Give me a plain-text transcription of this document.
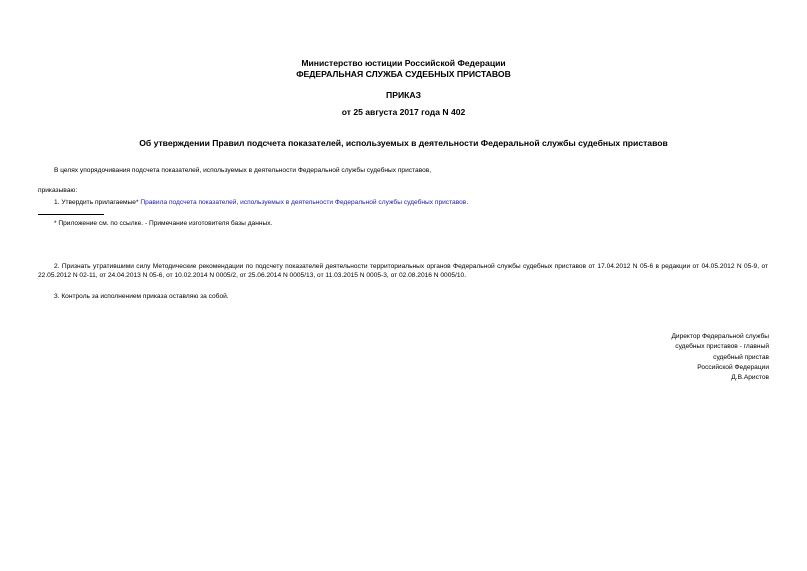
Министерство юстиции Российской Федерации
ФЕДЕРАЛЬНАЯ СЛУЖБА СУДЕБНЫХ ПРИСТАВОВ
ПРИКАЗ
от 25 августа 2017 года N 402
Об утверждении Правил подсчета показателей, используемых в деятельности Федеральной службы судебных приставов
В целях упорядочивания подсчета показателей, используемых в деятельности Федеральной службы судебных приставов,
приказываю:
1. Утвердить прилагаемые* Правила подсчета показателей, используемых в деятельности Федеральной службы судебных приставов.
* Приложение см. по ссылке. - Примечание изготовителя базы данных.
2. Признать утратившими силу Методические рекомендации по подсчету показателей деятельности территориальных органов Федеральной службы судебных приставов от 17.04.2012 N 05-6 в редакции от 04.05.2012 N 05-9, от 22.05.2012 N 02-11, от 24.04.2013 N 05-6, от 10.02.2014 N 0005/2, от 25.06.2014 N 0005/13, от 11.03.2015 N 0005-3, от 02.08.2016 N 0005/10.
3. Контроль за исполнением приказа оставляю за собой.
Директор Федеральной службы
судебных приставов - главный
судебный пристав
Российской Федерации
Д.В.Аристов
